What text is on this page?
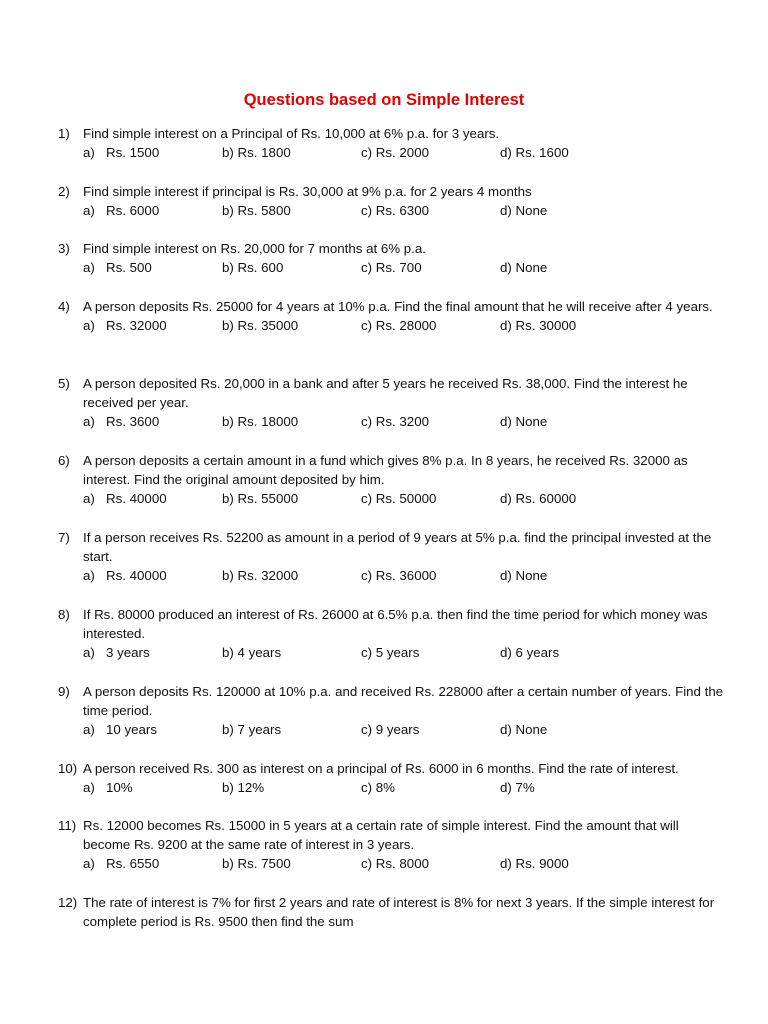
Questions based on Simple Interest
1) Find simple interest on a Principal of Rs. 10,000 at 6% p.a. for 3 years.
a) Rs. 1500	b) Rs. 1800	c) Rs. 2000	d) Rs. 1600
2) Find simple interest if principal is Rs. 30,000 at 9% p.a. for 2 years 4 months
a) Rs. 6000	b) Rs. 5800	c) Rs. 6300	d) None
3) Find simple interest on Rs. 20,000 for 7 months at 6% p.a.
a) Rs. 500	b) Rs. 600	c) Rs. 700	d) None
4) A person deposits Rs. 25000 for 4 years at 10% p.a. Find the final amount that he will receive after 4 years.
a) Rs. 32000	b) Rs. 35000	c) Rs. 28000	d) Rs. 30000
5) A person deposited Rs. 20,000 in a bank and after 5 years he received Rs. 38,000. Find the interest he received per year.
a) Rs. 3600	b) Rs. 18000	c) Rs. 3200	d) None
6) A person deposits a certain amount in a fund which gives 8% p.a. In 8 years, he received Rs. 32000 as interest. Find the original amount deposited by him.
a) Rs. 40000	b) Rs. 55000	c) Rs. 50000	d) Rs. 60000
7) If a person receives Rs. 52200 as amount in a period of 9 years at 5% p.a. find the principal invested at the start.
a) Rs. 40000	b) Rs. 32000	c) Rs. 36000	d) None
8) If Rs. 80000 produced an interest of Rs. 26000 at 6.5% p.a. then find the time period for which money was interested.
a) 3 years	b) 4 years	c) 5 years	d) 6 years
9) A person deposits Rs. 120000 at 10% p.a. and received Rs. 228000 after a certain number of years. Find the time period.
a) 10 years	b) 7 years	c) 9 years	d) None
10) A person received Rs. 300 as interest on a principal of Rs. 6000 in 6 months. Find the rate of interest.
a) 10%	b) 12%	c) 8%	d) 7%
11) Rs. 12000 becomes Rs. 15000 in 5 years at a certain rate of simple interest. Find the amount that will become Rs. 9200 at the same rate of interest in 3 years.
a) Rs. 6550	b) Rs. 7500	c) Rs. 8000	d) Rs. 9000
12) The rate of interest is 7% for first 2 years and rate of interest is 8% for next 3 years. If the simple interest for complete period is Rs. 9500 then find the sum
